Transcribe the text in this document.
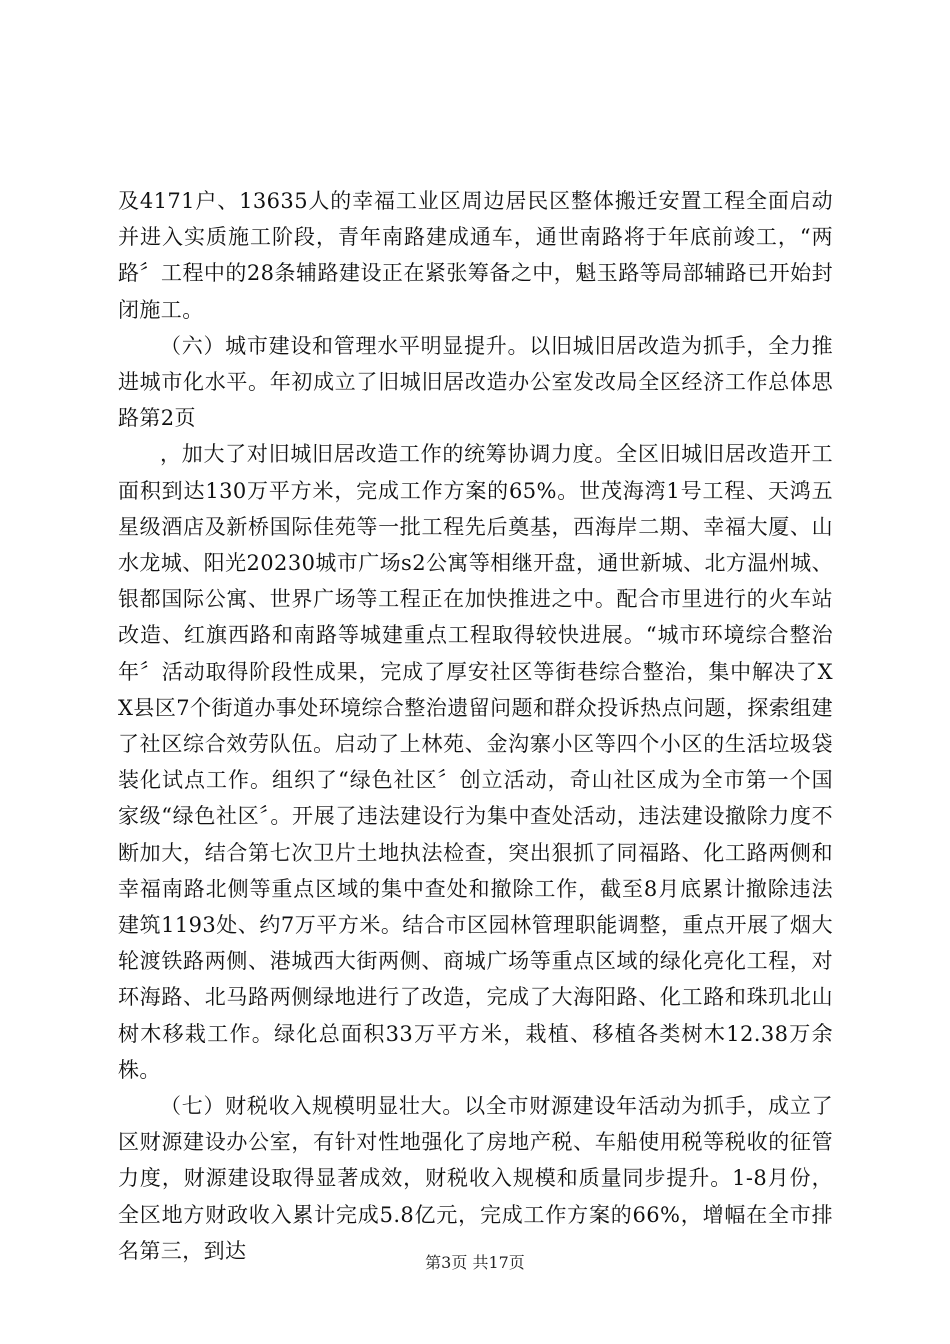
及4171户、13635人的幸福工业区周边居民区整体搬迁安置工程全面启动并进入实质施工阶段，青年南路建成通车，通世南路将于年底前竣工，“两路〞工程中的28条辅路建设正在紧张筹备之中，魁玉路等局部辅路已开始封闭施工。

（六）城市建设和管理水平明显提升。以旧城旧居改造为抓手，全力推进城市化水平。年初成立了旧城旧居改造办公室发改局全区经济工作总体思路第2页

，加大了对旧城旧居改造工作的统筹协调力度。全区旧城旧居改造开工面积到达130万平方米，完成工作方案的65%。世茂海湾1号工程、天鸿五星级酒店及新桥国际佳苑等一批工程先后奠基，西海岸二期、幸福大厦、山水龙城、阳光20230城市广场s2公寓等相继开盘，通世新城、北方温州城、银都国际公寓、世界广场等工程正在加快推进之中。配合市里进行的火车站改造、红旗西路和南路等城建重点工程取得较快进展。“城市环境综合整治年〞活动取得阶段性成果，完成了厚安社区等街巷综合整治，集中解决了XX县区7个街道办事处环境综合整治遗留问题和群众投诉热点问题，探索组建了社区综合效劳队伍。启动了上林苑、金沟寨小区等四个小区的生活垃圾袋装化试点工作。组织了“绿色社区〞创立活动，奇山社区成为全市第一个国家级“绿色社区〞。开展了违法建设行为集中查处活动，违法建设撤除力度不断加大，结合第七次卫片土地执法检查，突出狠抓了同福路、化工路两侧和幸福南路北侧等重点区域的集中查处和撤除工作，截至8月底累计撤除违法建筑1193处、约7万平方米。结合市区园林管理职能调整，重点开展了烟大轮渡铁路两侧、港城西大街两侧、商城广场等重点区域的绿化亮化工程，对环海路、北马路两侧绿地进行了改造，完成了大海阳路、化工路和珠玑北山树木移栽工作。绿化总面积33万平方米，栽植、移植各类树木12.38万余株。

（七）财税收入规模明显壮大。以全市财源建设年活动为抓手，成立了区财源建设办公室，有针对性地强化了房地产税、车船使用税等税收的征管力度，财源建设取得显著成效，财税收入规模和质量同步提升。1-8月份，全区地方财政收入累计完成5.8亿元，完成工作方案的66%，增幅在全市排名第三，到达	第3页 共17页
